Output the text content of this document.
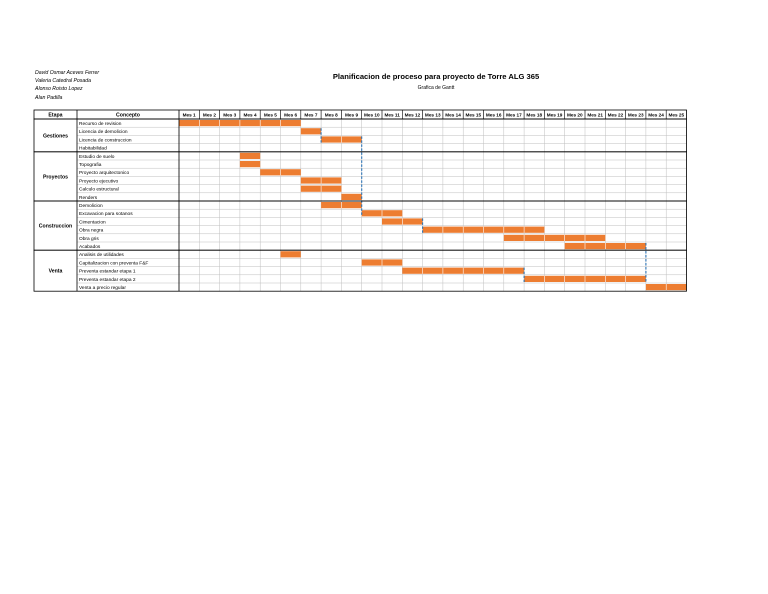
David Osmar Aceves Ferrer
Valeria Catedral Posada
Alonso Roisto Lopez
Alan Padilla
Planificacion de proceso para proyecto de Torre ALG 365
Grafica de Gantt
Etapa	Concepto	Mes 1 Mes 2 Mes 3 Mes 4 Mes 5 Mes 6 Mes 7 Mes 8 Mes 9 Mes 10 Mes 11 Mes 12 Mes 13 Mes 14 Mes 15 Mes 16 Mes 17 Mes 18 Mes 19 Mes 20 Mes 21 Mes 22 Mes 23 Mes 24 Mes 25
Gestiones
Recurso de revision
Licencia de demolicion
Licencia de construccion
Habitabilidad
Proyectos
Estudio de suelo
Topografia
Proyecto arquitectonico
Proyecto ejecutivo
Calculo estructural
Renders
Construccion
Demolicion
Excavacion para sotanos
Cimentacion
Obra negra
Obra gris
Acabados
Venta
Analisis de utilidades
Capitalizacion con preventa F&F
Preventa estandar etapa 1
Preventa estandar etapa 2
Venta a precio regular
